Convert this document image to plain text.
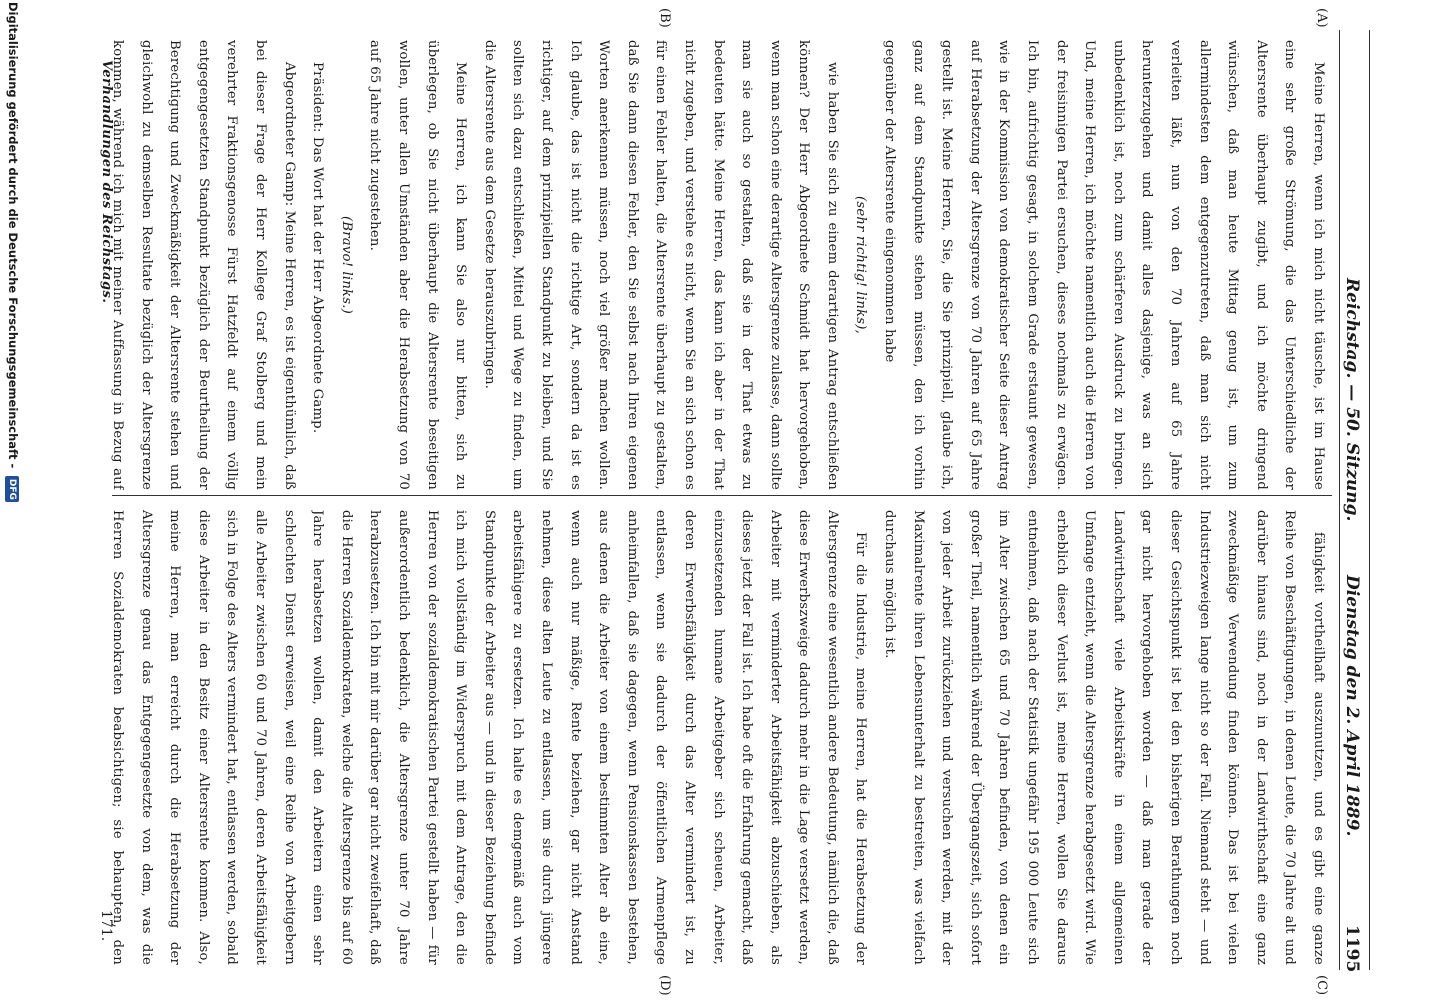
Reichstag. — 50. Sitzung.
Dienstag den 2. April 1889.
1195
(A)
(B)
(C)
(D)

Meine Herren, wenn ich mich nicht täusche, ist im Hause eine sehr große Strömung, die das Unterschiedliche der Altersrente überhaupt zugibt, und ich möchte dringend wünschen, daß man heute Mittag genug ist, um zum allermindesten dem entgegenzutreten, daß man sich nicht verleiten läßt, nun von den 70 Jahren auf 65 Jahre herunterzugehen und damit alles dasjenige, was an sich unbedenklich ist, noch zum schärferen Ausdruck zu bringen. Und, meine Herren, ich möchte namentlich auch die Herren von der freisinnigen Partei ersuchen, dieses nochmals zu erwägen. Ich bin, aufrichtig gesagt, in solchem Grade erstaunt gewesen, wie in der Kommission von demokratischer Seite dieser Antrag auf Herabsetzung der Altersgrenze von 70 Jahren auf 65 Jahre gestellt ist. Meine Herren, Sie, die Sie prinzipiell, glaube ich, ganz auf dem Standpunkte stehen müssen, den ich vorhin gegenüber der Altersrente eingenommen habe

(sehr richtig! links),

wie haben Sie sich zu einem derartigen Antrag entschließen können? Der Herr Abgeordnete Schmidt hat hervorgehoben, wenn man schon eine derartige Altersgrenze zulasse, dann sollte man sie auch so gestalten, daß sie in der That etwas zu bedeuten hätte. Meine Herren, das kann ich aber in der That nicht zugeben, und verstehe es nicht, wenn Sie an sich schon es für einen Fehler halten, die Altersrente überhaupt zu gestalten, daß Sie dann diesen Fehler, den Sie selbst nach Ihren eigenen Worten anerkennen müssen, noch viel größer machen wollen. Ich glaube, das ist nicht die richtige Art, sondern da ist es richtiger, auf dem prinzipiellen Standpunkt zu bleiben, und Sie sollten sich dazu entschließen, Mittel und Wege zu finden, um die Altersrente aus dem Gesetze herauszubringen.

Meine Herren, ich kann Sie also nur bitten, sich zu überlegen, ob Sie nicht überhaupt die Altersrente beseitigen wollen, unter allen Umständen aber die Herabsetzung von 70 auf 65 Jahre nicht zugestehen.

(Bravo! links.)

Präsident: Das Wort hat der Herr Abgeordnete Gamp.

Abgeordneter Gamp: Meine Herren, es ist eigenthümlich, daß bei dieser Frage der Herr Kollege Graf Stolberg und mein verehrter Fraktionsgenosse Fürst Hatzfeldt auf einem völlig entgegengesetzten Standpunkt bezüglich der Beurtheilung der Berechtigung und Zweckmäßigkeit der Altersrente stehen und gleichwohl zu demselben Resultate bezüglich der Altersgrenze kommen, während ich mich mit meiner Auffassung in Bezug auf

fähigkeit vortheilhaft auszunutzen, und es gibt eine ganze Reihe von Beschäftigungen, in denen Leute, die 70 Jahre alt und darüber hinaus sind, noch in der Landwirthschaft eine ganz zweckmäßige Verwendung finden können. Das ist bei vielen Industriezweigen lange nicht so der Fall. Niemand steht — und dieser Gesichtspunkt ist bei den bisherigen Berathungen noch gar nicht hervorgehoben worden — daß man gerade der Landwirthschaft viele Arbeitskräfte in einem allgemeinen Umfange entzieht, wenn die Altersgrenze herabgesetzt wird. Wie erheblich dieser Verlust ist, meine Herren, wollen Sie daraus entnehmen, daß nach der Statistik ungefähr 195 000 Leute sich im Alter zwischen 65 und 70 Jahren befinden, von denen ein großer Theil, namentlich während der Übergangszeit, sich sofort von jeder Arbeit zurückziehen und versuchen werden, mit der Maximalrente ihren Lebensunterhalt zu bestreiten, was vielfach durchaus möglich ist.

Für die Industrie, meine Herren, hat die Herabsetzung der Altersgrenze eine wesentlich andere Bedeutung, nämlich die, daß diese Erwerbszweige dadurch mehr in die Lage versetzt werden, Arbeiter mit verminderter Arbeitsfähigkeit abzuschieben, als dieses jetzt der Fall ist. Ich habe oft die Erfahrung gemacht, daß einzusetzenden humane Arbeitgeber sich scheuen, Arbeiter, deren Erwerbsfähigkeit durch das Alter vermindert ist, zu entlassen, wenn sie dadurch der öffentlichen Armenpflege anheimfallen, daß sie dagegen, wenn Pensionskassen bestehen, aus denen die Arbeiter von einem bestimmten Alter ab eine, wenn auch nur mäßige, Rente beziehen, gar nicht Anstand nehmen, diese alten Leute zu entlassen, um sie durch jüngere arbeitsfähigere zu ersetzen. Ich halte es demgemäß auch vom Standpunkte der Arbeiter aus — und in dieser Beziehung befinde ich mich vollständig im Widerspruch mit dem Antrage, den die Herren von der sozialdemokratischen Partei gestellt haben — für außerordentlich bedenklich, die Altersgrenze unter 70 Jahre herabzusetzen. Ich bin mit mir darüber gar nicht zweifelhaft, daß die Herren Sozialdemokraten, welche die Altersgrenze bis auf 60 Jahre herabsetzen wollen, damit den Arbeitern einen sehr schlechten Dienst erweisen, weil eine Reihe von Arbeitgebern alle Arbeiter zwischen 60 und 70 Jahren, deren Arbeitsfähigkeit sich in Folge des Alters vermindert hat, entlassen werden, sobald diese Arbeiter in den Besitz einer Altersrente kommen. Also, meine Herren, man erreicht durch die Herabsetzung der Altersgrenze genau das Entgegengesetzte von dem, was die Herren Sozialdemokraten beabsichtigen; sie behaupten, den

Verhandlungen des Reichstags.
171.
Digitalisierung gefördert durch die Deutsche Forschungsgemeinschaft - DFG
